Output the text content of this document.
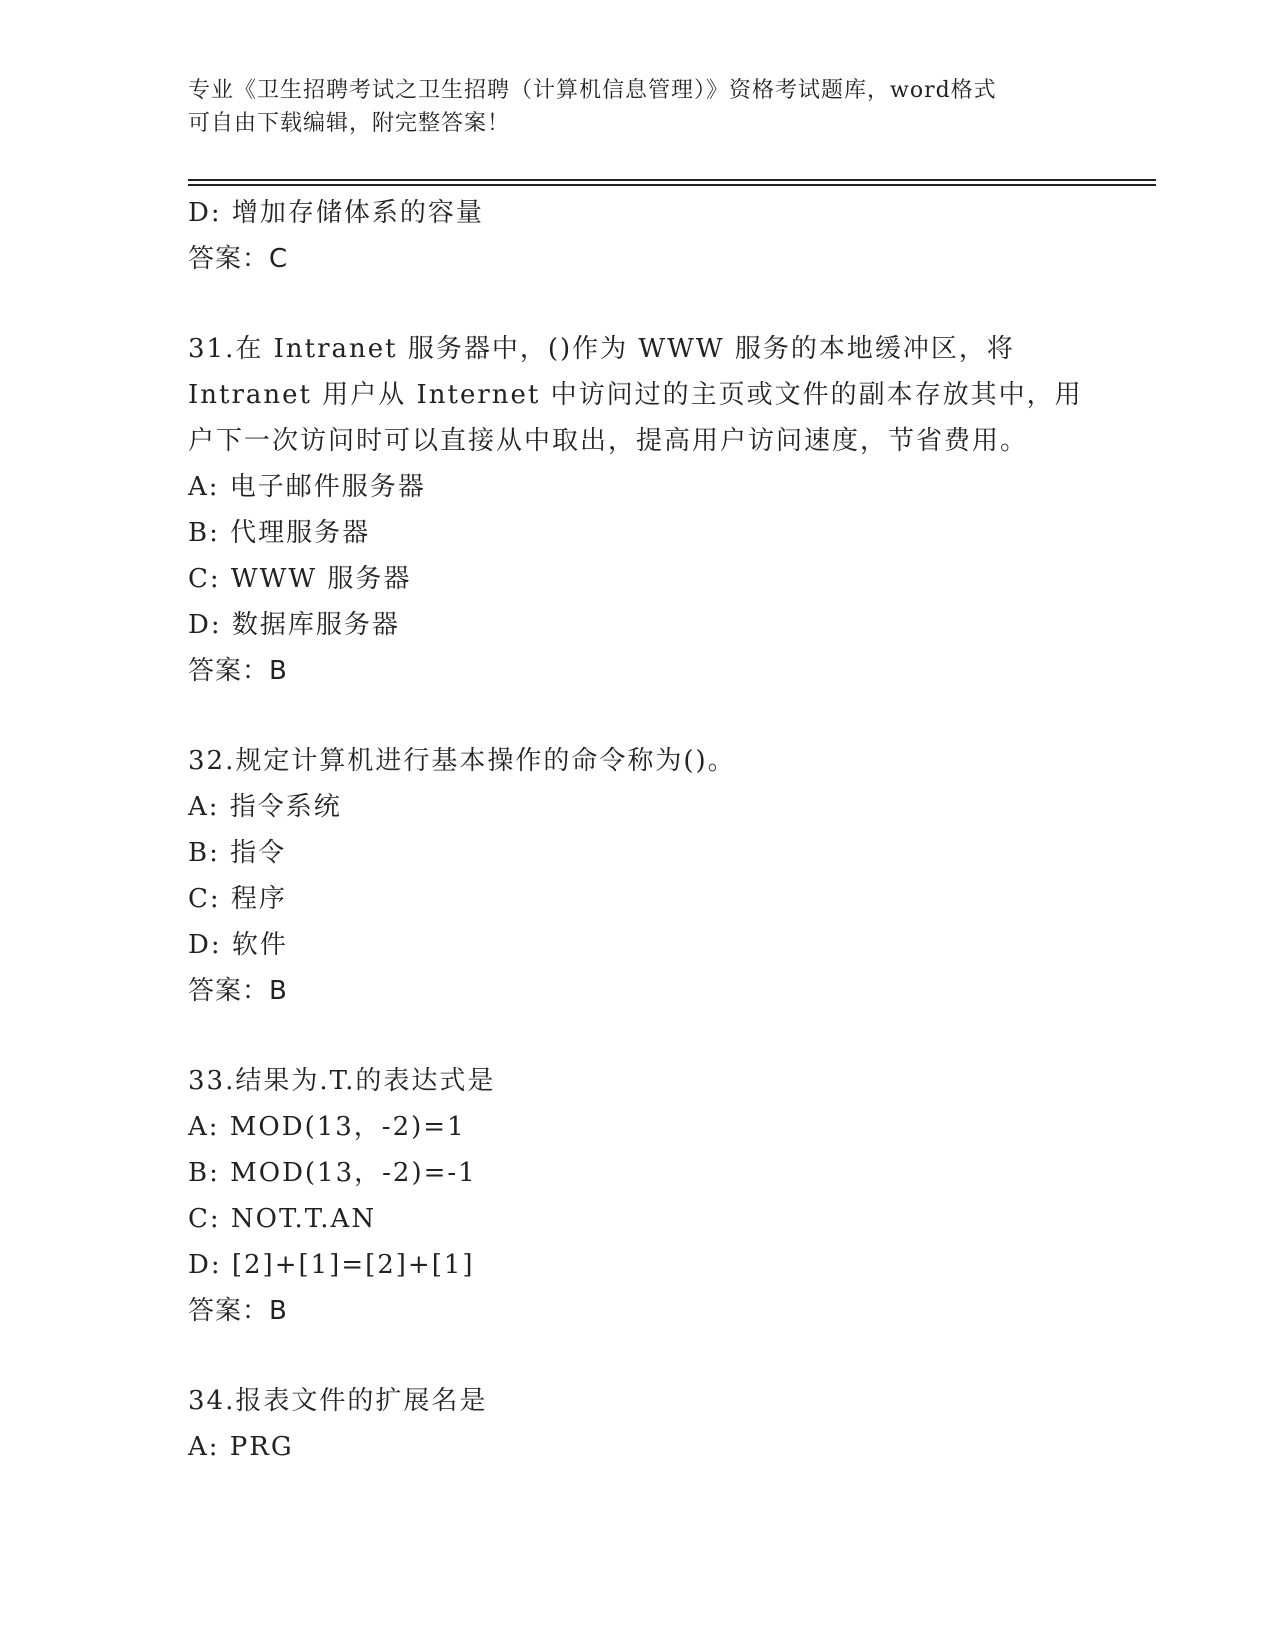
专业《卫生招聘考试之卫生招聘（计算机信息管理）》资格考试题库，word格式

可自由下载编辑，附完整答案！

D: 增加存储体系的容量
答案：C
31.在 Intranet 服务器中，()作为 WWW 服务的本地缓冲区，将
Intranet 用户从 Internet 中访问过的主页或文件的副本存放其中，用
户下一次访问时可以直接从中取出，提高用户访问速度，节省费用。
A: 电子邮件服务器
B: 代理服务器
C: WWW 服务器
D: 数据库服务器
答案：B
32.规定计算机进行基本操作的命令称为()。
A: 指令系统
B: 指令
C: 程序
D: 软件
答案：B
33.结果为.T.的表达式是
A: MOD(13，-2)=1
B: MOD(13，-2)=-1
C: NOT.T.AN
D: [2]+[1]=[2]+[1]
答案：B
34.报表文件的扩展名是
A: PRG
